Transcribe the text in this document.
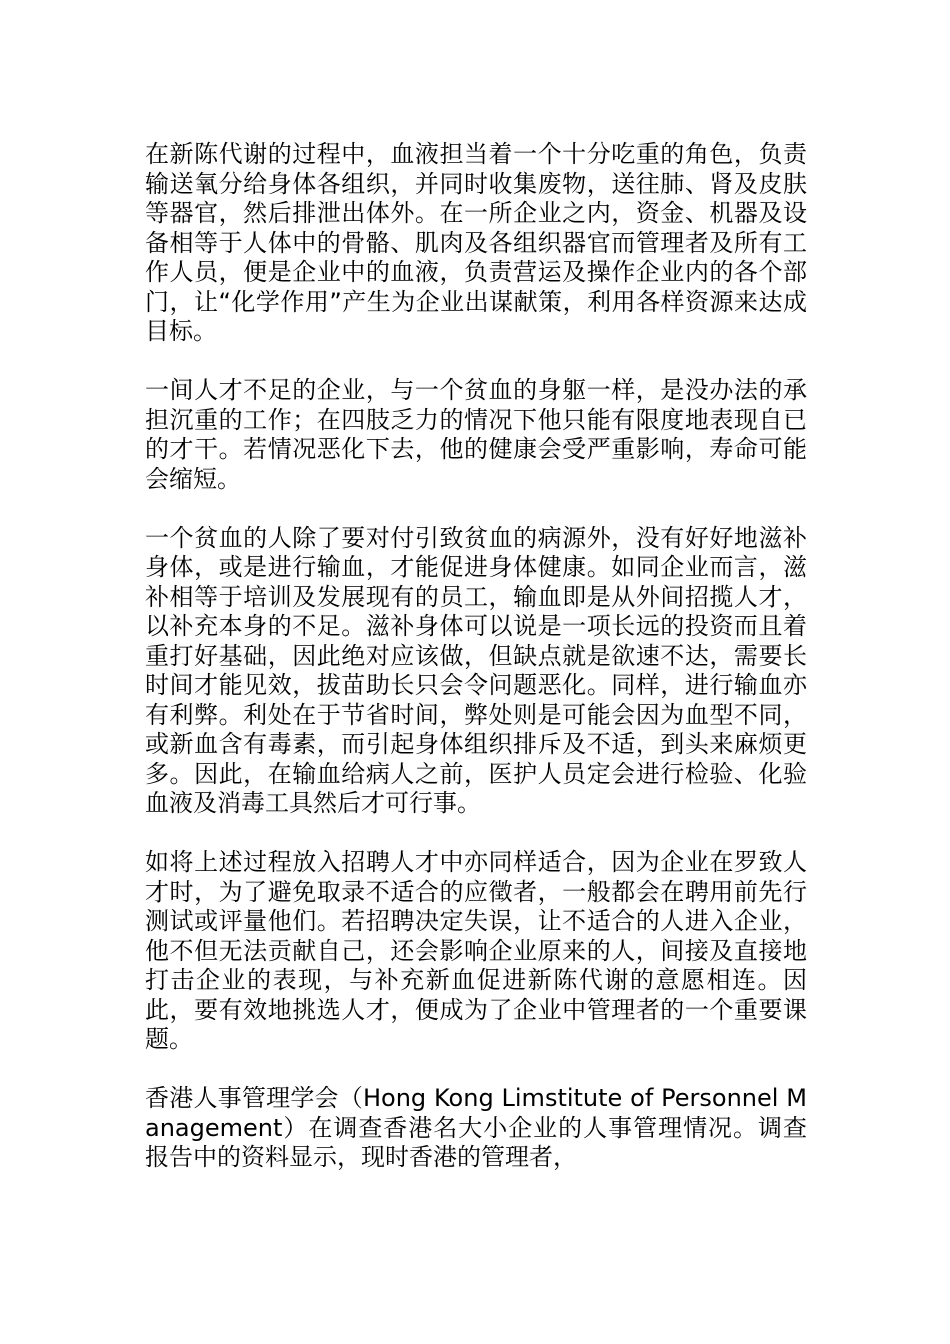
在新陈代谢的过程中，血液担当着一个十分吃重的角色，负责输送氧分给身体各组织，并同时收集废物，送往肺、肾及皮肤等器官，然后排泄出体外。在一所企业之内，资金、机器及设备相等于人体中的骨骼、肌肉及各组织器官而管理者及所有工作人员，便是企业中的血液，负责营运及操作企业内的各个部门，让“化学作用”产生为企业出谋献策，利用各样资源来达成目标。

一间人才不足的企业，与一个贫血的身躯一样，是没办法的承担沉重的工作；在四肢乏力的情况下他只能有限度地表现自已的才干。若情况恶化下去，他的健康会受严重影响，寿命可能会缩短。

一个贫血的人除了要对付引致贫血的病源外，没有好好地滋补身体，或是进行输血，才能促进身体健康。如同企业而言，滋补相等于培训及发展现有的员工，输血即是从外间招揽人才，以补充本身的不足。滋补身体可以说是一项长远的投资而且着重打好基础，因此绝对应该做，但缺点就是欲速不达，需要长时间才能见效，拔苗助长只会令问题恶化。同样，进行输血亦有利弊。利处在于节省时间，弊处则是可能会因为血型不同，或新血含有毒素，而引起身体组织排斥及不适，到头来麻烦更多。因此，在输血给病人之前，医护人员定会进行检验、化验血液及消毒工具然后才可行事。

如将上述过程放入招聘人才中亦同样适合，因为企业在罗致人才时，为了避免取录不适合的应徵者，一般都会在聘用前先行测试或评量他们。若招聘决定失误，让不适合的人进入企业，他不但无法贡献自己，还会影响企业原来的人，间接及直接地打击企业的表现，与补充新血促进新陈代谢的意愿相连。因此，要有效地挑选人才，便成为了企业中管理者的一个重要课题。

香港人事管理学会（Hong Kong Limstitute of Personnel Management）在调查香港名大小企业的人事管理情况。调查报告中的资料显示，现时香港的管理者，
